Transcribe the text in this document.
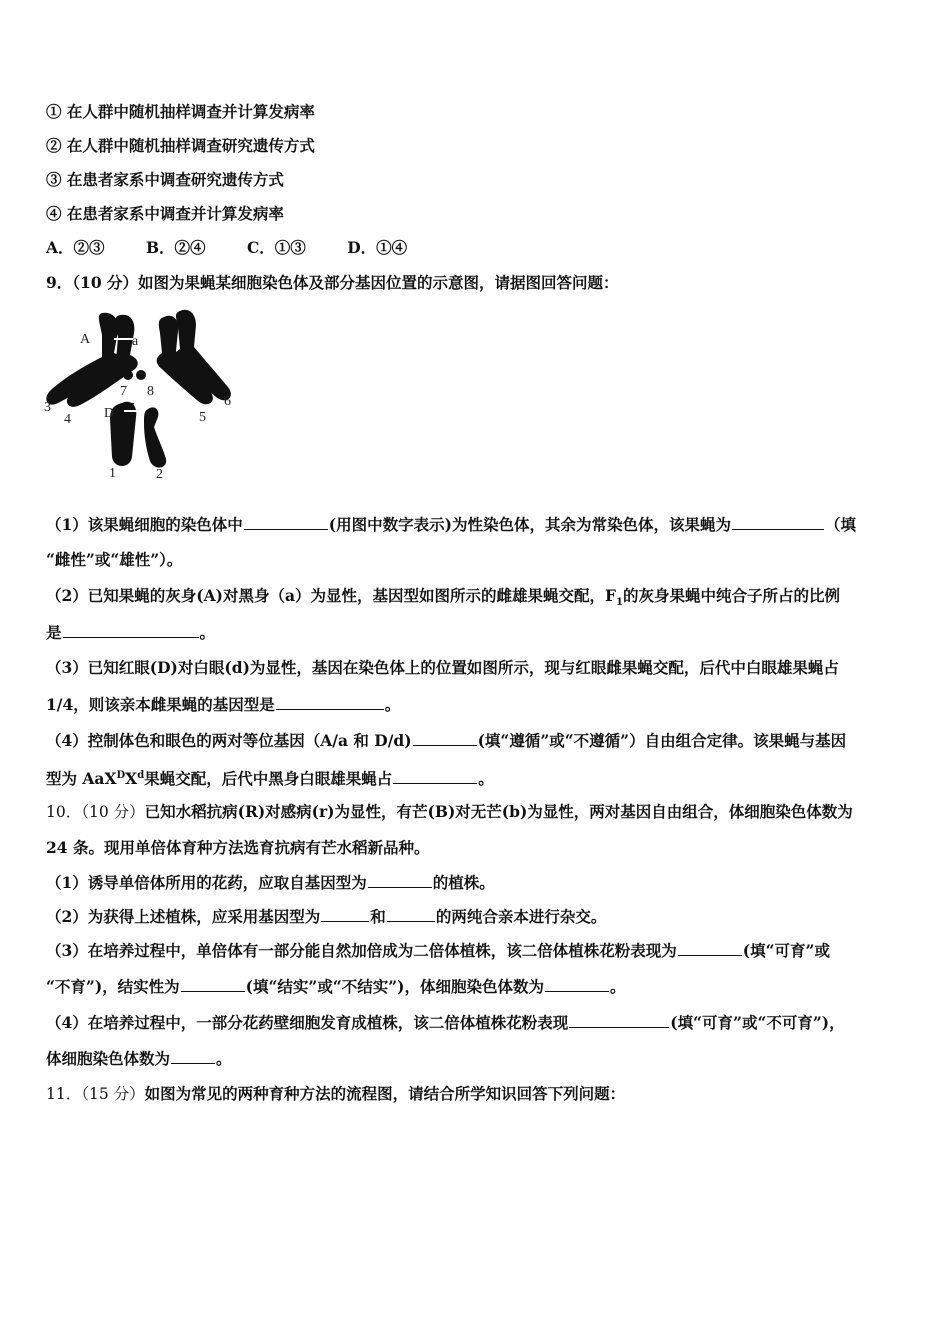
① 在人群中随机抽样调查并计算发病率
② 在人群中随机抽样调查研究遗传方式
③ 在患者家系中调查研究遗传方式
④ 在患者家系中调查并计算发病率
A．②③	B．②④	C．①③	D．①④
9．（10 分）如图为果蝇某细胞染色体及部分基因位置的示意图，请据图回答问题：
A	a
7 8
3
4 D	5
6
1	2
（1）该果蝇细胞的染色体中	(用图中数字表示)为性染色体，其余为常染色体，该果蝇为	（填
“雌性”或“雄性”）。
（2）已知果蝇的灰身(A)对黑身（a）为显性，基因型如图所示的雌雄果蝇交配，$F_1$的灰身果蝇中纯合子所占的比例
是	。
（3）已知红眼(D)对白眼(d)为显性，基因在染色体上的位置如图所示，现与红眼雌果蝇交配，后代中白眼雄果蝇占
1/4，则该亲本雌果蝇的基因型是	。
（4）控制体色和眼色的两对等位基因（A/a 和 D/d)	(填“遵循”或“不遵循”）自由组合定律。该果蝇与基因
型为 $AaX^DX^d$果蝇交配，后代中黑身白眼雄果蝇占	。
10．（10 分）已知水稻抗病(R)对感病(r)为显性，有芒(B)对无芒(b)为显性，两对基因自由组合，体细胞染色体数为
24 条。现用单倍体育种方法选育抗病有芒水稻新品种。
（1）诱导单倍体所用的花药，应取自基因型为	的植株。
（2）为获得上述植株，应采用基因型为	和	的两纯合亲本进行杂交。
（3）在培养过程中，单倍体有一部分能自然加倍成为二倍体植株，该二倍体植株花粉表现为	(填“可育”或
“不育”)，结实性为	(填“结实”或“不结实”)，体细胞染色体数为	。
（4）在培养过程中，一部分花药壁细胞发育成植株，该二倍体植株花粉表现	(填“可育”或“不可育”)，
体细胞染色体数为	。
11．（15 分）如图为常见的两种育种方法的流程图，请结合所学知识回答下列问题：
